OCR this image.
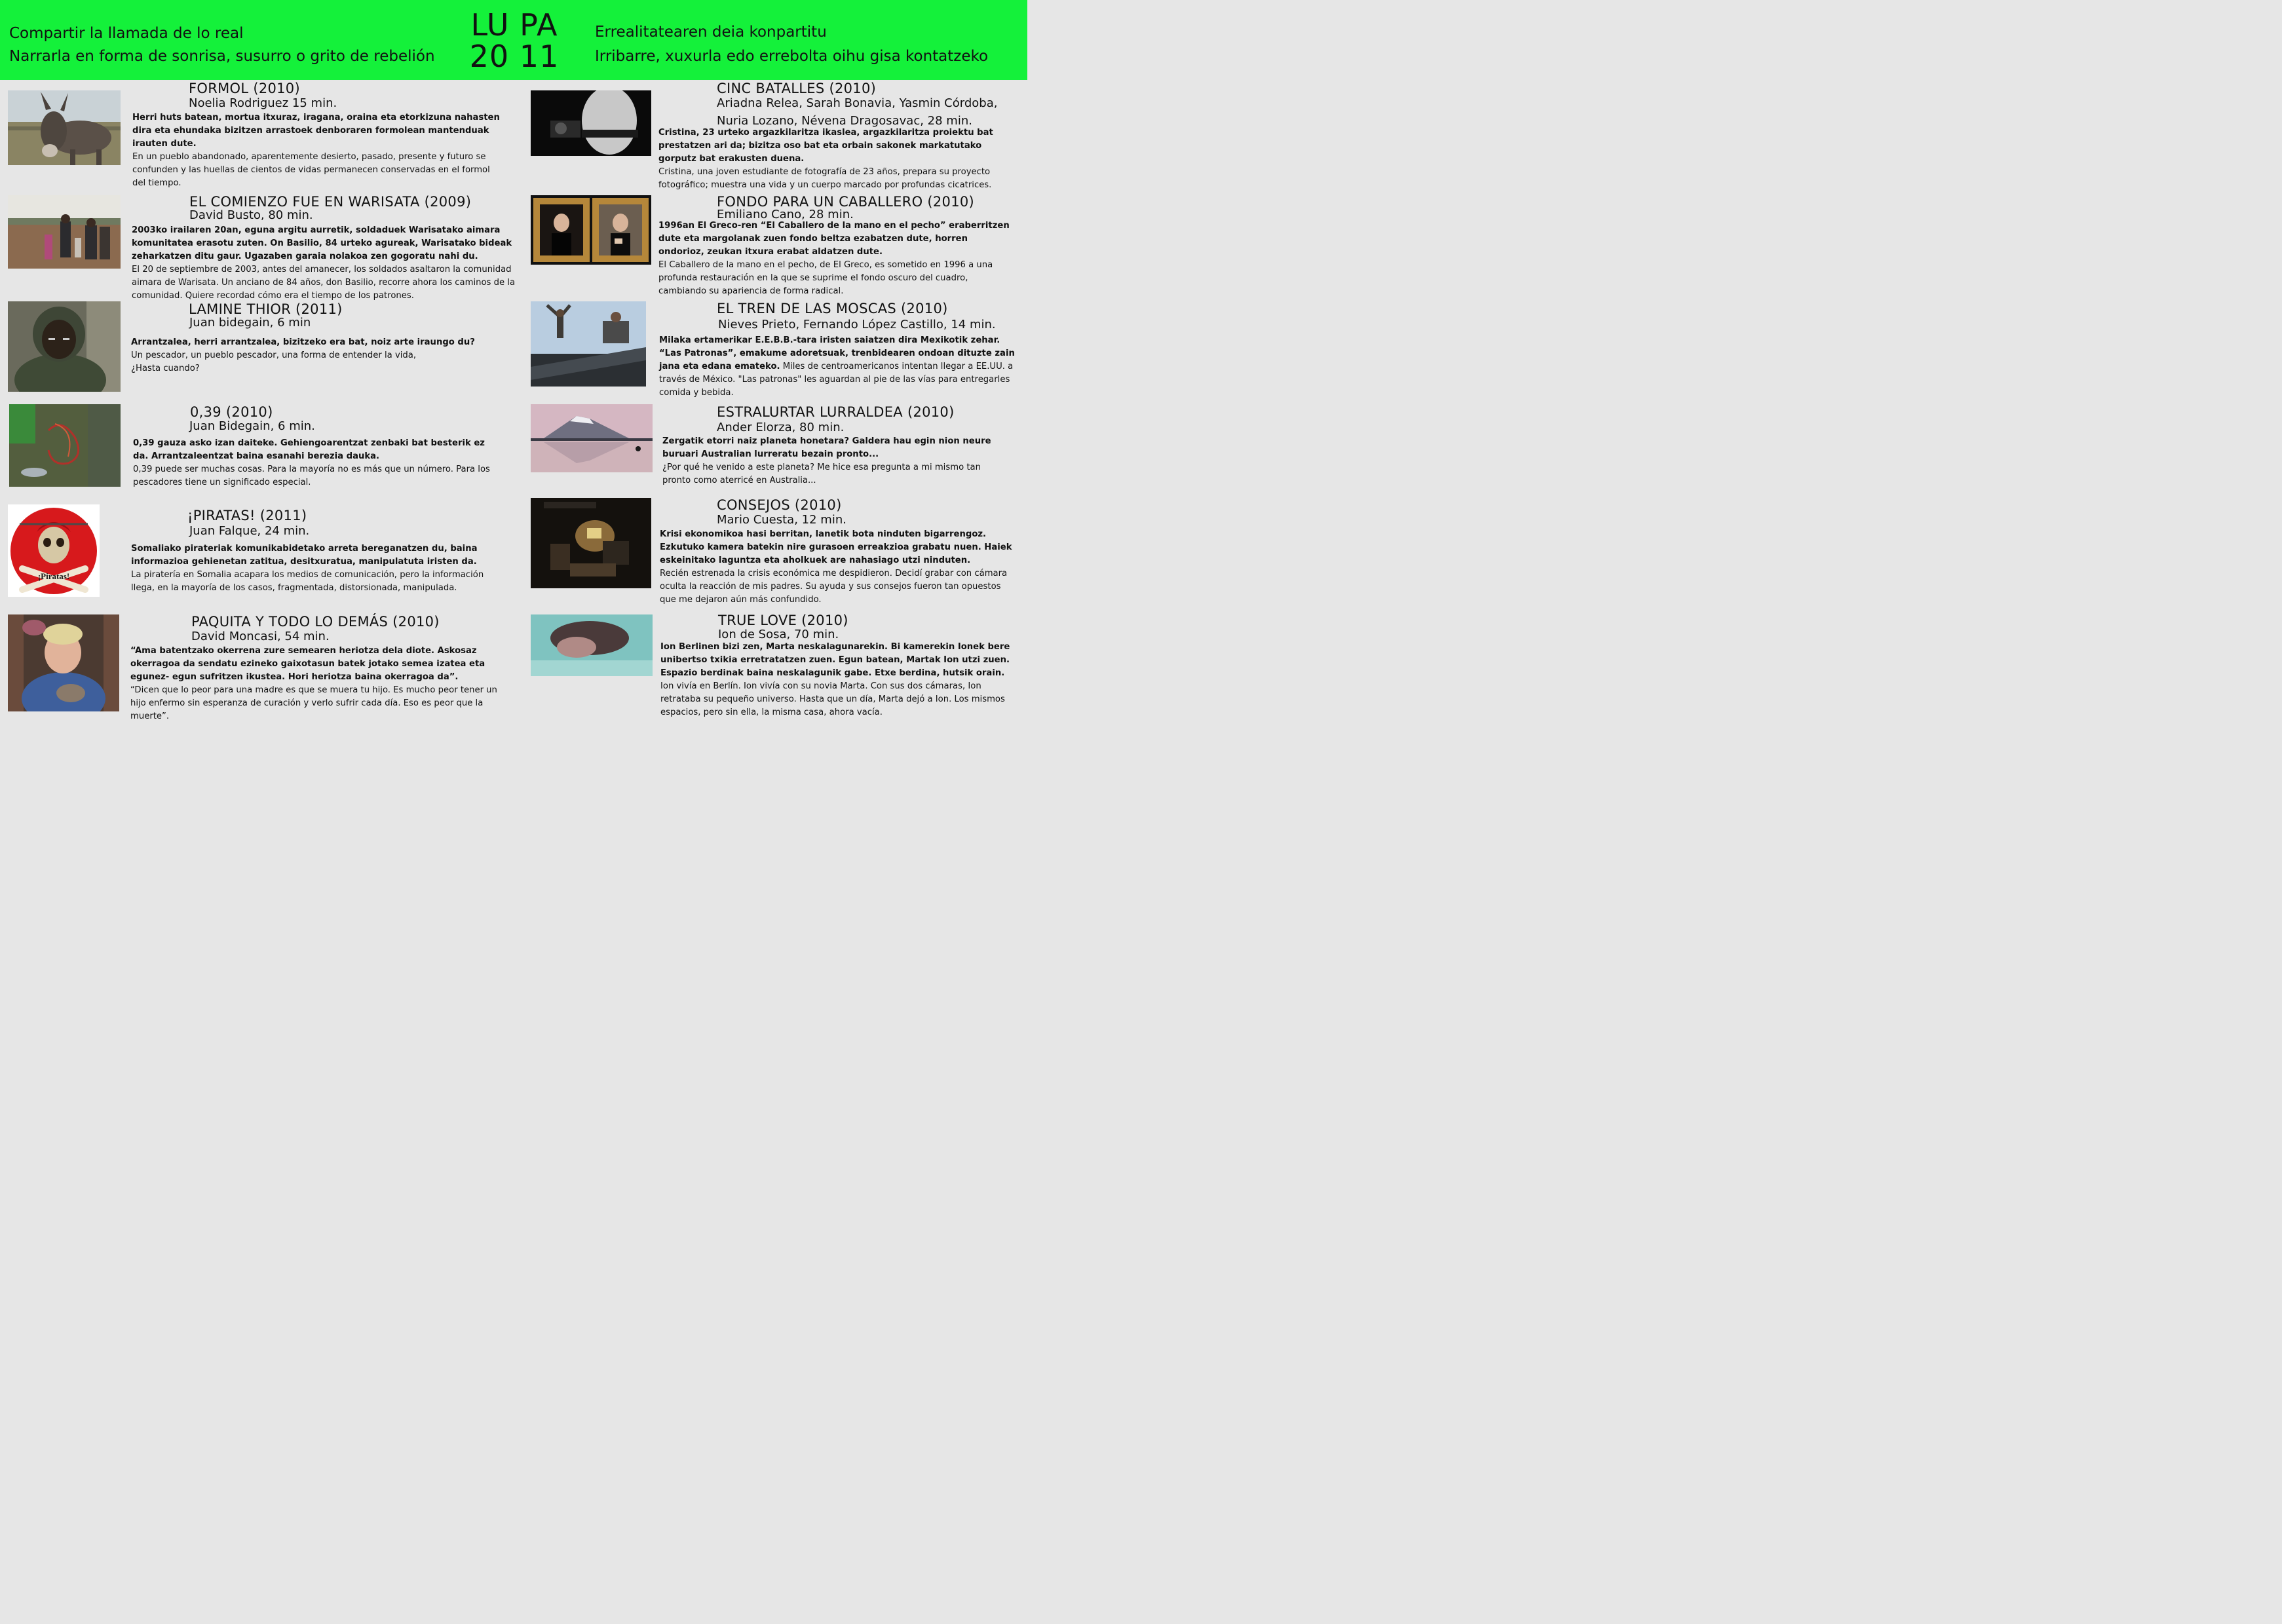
Compartir la llamada de lo real
Narrarla en forma de sonrisa, susurro o grito de rebelión
LU PA
20 11
Errealitatearen deia konpartitu
Irribarre, xuxurla edo errebolta oihu gisa kontatzeko
FORMOL (2010)
Noelia Rodriguez 15 min.
Herri huts batean, mortua itxuraz, iragana, oraina eta etorkizuna nahasten dira eta ehundaka bizitzen arrastoek denboraren formolean mantenduak irauten dute.
En un pueblo abandonado, aparentemente desierto, pasado, presente y futuro se confunden y las huellas de cientos de vidas permanecen conservadas en el formol del tiempo.
EL COMIENZO FUE EN WARISATA (2009)
David Busto, 80 min.
2003ko irailaren 20an, eguna argitu aurretik, soldaduek Warisatako aimara komunitatea erasotu zuten. On Basilio, 84 urteko agureak, Warisatako bideak zeharkatzen ditu gaur. Ugazaben garaia nolakoa zen gogoratu nahi du.
El 20 de septiembre de 2003, antes del amanecer, los soldados asaltaron la comunidad aimara de Warisata. Un anciano de 84 años, don Basilio, recorre ahora los caminos de la comunidad. Quiere recordad cómo era el tiempo de los patrones.
LAMINE THIOR (2011)
Juan bidegain, 6 min
Arrantzalea, herri arrantzalea, bizitzeko era bat, noiz arte iraungo du?
Un pescador, un pueblo pescador, una forma de entender la vida, ¿Hasta cuando?
0,39 (2010)
Juan Bidegain, 6 min.
0,39 gauza asko izan daiteke. Gehiengoarentzat zenbaki bat besterik ez da. Arrantzaleentzat baina esanahi berezia dauka.
0,39 puede ser muchas cosas. Para la mayoría no es más que un número. Para los pescadores tiene un significado especial.
¡Piratas!
¡PIRATAS! (2011)
Juan Falque, 24 min.
Somaliako pirateriak komunikabidetako arreta bereganatzen du, baina informazioa gehienetan zatitua, desitxuratua, manipulatuta iristen da.
La piratería en Somalia acapara los medios de comunicación, pero la información llega, en la mayoría de los casos, fragmentada, distorsionada, manipulada.
PAQUITA Y TODO LO DEMÁS (2010)
David Moncasi, 54 min.
“Ama batentzako okerrena zure semearen heriotza dela diote. Askosaz okerragoa da sendatu ezineko gaixotasun batek jotako semea izatea eta egunez- egun sufritzen ikustea. Hori heriotza baina okerragoa da”.
“Dicen que lo peor para una madre es que se muera tu hijo. Es mucho peor tener un hijo enfermo sin esperanza de curación y verlo sufrir cada día. Eso es peor que la muerte”.
CINC BATALLES (2010)
Ariadna Relea, Sarah Bonavia, Yasmin Córdoba,
Nuria Lozano, Névena Dragosavac, 28 min.
Cristina, 23 urteko argazkilaritza ikaslea, argazkilaritza proiektu bat prestatzen ari da; bizitza oso bat eta orbain sakonek markatutako gorputz bat erakusten duena.
Cristina, una joven estudiante de fotografía de 23 años, prepara su proyecto fotográfico; muestra una vida y un cuerpo marcado por profundas cicatrices.
FONDO PARA UN CABALLERO (2010)
Emiliano Cano, 28 min.
1996an El Greco-ren “El Caballero de la mano en el pecho” eraberritzen dute eta margolanak zuen fondo beltza ezabatzen dute, horren ondorioz, zeukan itxura erabat aldatzen dute.
El Caballero de la mano en el pecho, de El Greco, es sometido en 1996 a una profunda restauración en la que se suprime el fondo oscuro del cuadro, cambiando su apariencia de forma radical.
EL TREN DE LAS MOSCAS (2010)
Nieves Prieto, Fernando López Castillo, 14 min.
Milaka ertamerikar E.E.B.B.-tara iristen saiatzen dira Mexikotik zehar. “Las Patronas”, emakume adoretsuak, trenbidearen ondoan dituzte zain jana eta edana emateko. Miles de centroamericanos intentan llegar a EE.UU. a través de México. "Las patronas" les aguardan al pie de las vías para entregarles comida y bebida.
ESTRALURTAR LURRALDEA (2010)
Ander Elorza, 80 min.
Zergatik etorri naiz planeta honetara? Galdera hau egin nion neure buruari Australian lurreratu bezain pronto...
¿Por qué he venido a este planeta? Me hice esa pregunta a mi mismo tan pronto como aterricé en Australia...
CONSEJOS (2010)
Mario Cuesta, 12 min.
Krisi ekonomikoa hasi berritan, lanetik bota ninduten bigarrengoz. Ezkutuko kamera batekin nire gurasoen erreakzioa grabatu nuen. Haiek eskeinitako laguntza eta aholkuek are nahasiago utzi ninduten.
Recién estrenada la crisis económica me despidieron. Decidí grabar con cámara oculta la reacción de mis padres. Su ayuda y sus consejos fueron tan opuestos que me dejaron aún más confundido.
TRUE LOVE (2010)
Ion de Sosa, 70 min.
Ion Berlinen bizi zen, Marta neskalagunarekin. Bi kamerekin Ionek bere unibertso txikia erretratatzen zuen. Egun batean, Martak Ion utzi zuen. Espazio berdinak baina neskalagunik gabe. Etxe berdina, hutsik orain.
Ion vivía en Berlín. Ion vivía con su novia Marta. Con sus dos cámaras, Ion retrataba su pequeño universo. Hasta que un día, Marta dejó a Ion. Los mismos espacios, pero sin ella, la misma casa, ahora vacía.
